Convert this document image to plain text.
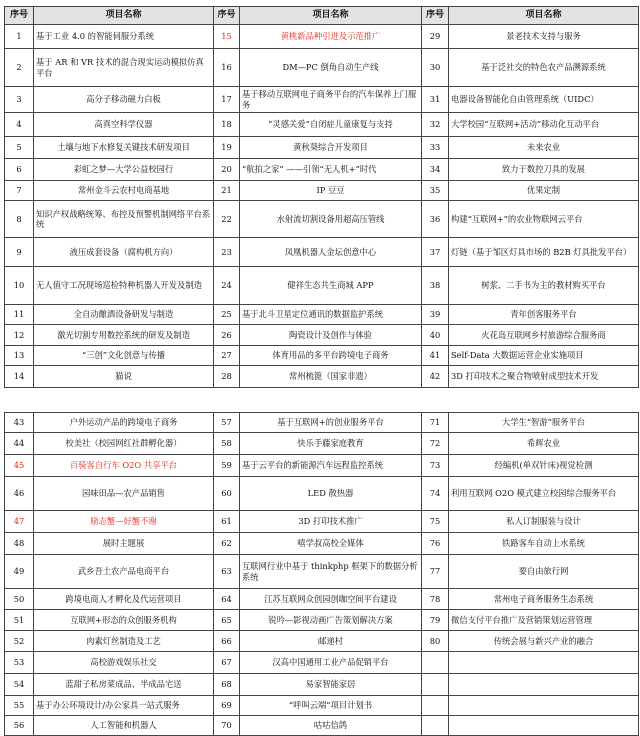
序号	项目名称	序号	项目名称	序号	项目名称
1	基于工业 4.0 的智能伺服分系统	15	黄桃新品种引进及示范推广	29	景老技术支持与服务
2	基于 AR 和 VR 技术的混合现实运动模拟仿真平台	16	DM—PC 倒角自动生产线	30	基于泛社交的特色农产品溯源系统
3	高分子移动磁力白板	17	基于移动互联网电子商务平台的汽车保养上门服务	31	电器设备智能化自由管理系统（UIDC）
4	高真空科学仪器	18	“灵感关爱”自闭症儿童康复与支持	32	大学校园“互联网+活动”移动化互动平台
5	土壤与地下水修复关键技术研发项目	19	黄秋葵综合开发项目	33	未来农业
6	彩虹之梦—大学公益校园行	20	“航拍之家” ——引领“无人机+”时代	34	致力于数控刀具的发展
7	常州金斗云农村电商基地	21	IP 豆豆	35	优果定制
8	知识产权战略统筹、布控及预警机制网络平台系统	22	水射流切割设备用超高压管线	36	构建“互联网+”的农业物联网云平台
9	液压成套设备（腐构机方向）	23	凤凰机器人金坛创意中心	37	灯链（基于邹区灯具市场的 B2B 灯具批发平台）
10	无人值守工况现场巡检特种机器人开发及制造	24	健祥生态共生商城 APP	38	树浆、二手书为主的教材购买平台
11	全自动酿酒设备研发与制造	25	基于北斗卫星定位通讯的数据监护系统	39	青年创客服务平台
12	激光切割专用数控系统的研发及制造	26	陶瓷设计及创作与体验	40	火花岛互联网乡村旅游综合服务商
13	“三创”文化创意与传播	27	体育用品的多平台跨境电子商务	41	Self-Data 大数据运营企业实施项目
14	猫说	28	常州梳篦（国家非遗）	42	3D 打印技术之聚合物喷射成型技术开发
43	户外运动产品的跨境电子商务	57	基于互联网+的创业服务平台	71	大学生“智游”服务平台
44	校美社（校园网红社群孵化器）	58	快乐手藤家庭教育	72	希辉农业
45	百骑客自行车 O2O 共享平台	59	基于云平台的新能源汽车远程监控系统	73	经编机(单双针床)视觉检测
46	园味田品—农产品销售	60	LED 散热器	74	利用互联网 O2O 模式建立校园综合服务平台
47	励志蟹—好蟹不谢	61	3D 打印技术推广	75	私人订制服装与设计
48	展时主题展	62	嘻学叔高校全媒体	76	铁路客车自动上水系统
49	武乡吾土农产品电商平台	63	互联网行业中基于 thinkphp 框架下的数据分析系统	77	要自由旅行网
50	跨境电商人才孵化及代运营项目	64	江苏互联网众创园创咖空间平台建设	78	常州电子商务服务生态系统
51	互联网+形态的众创服务机构	65	锐吟—影视动画广告策划解决方案	79	微信支付平台推广及营销策划运营管理
52	肉素灯丝制造及工艺	66	邮递村	80	传统会展与新兴产业的融合
53	高校游戏娱乐社交	67	汉高中国通用工业产品促销平台		
54	蓝甜子私房菜成品、半成品宅送	68	易家智能家居		
55	基于办公环境设计/办公家具一站式服务	69	“呼叫云端”项目计划书		
56	人工智能和机器人	70	咕咕信鸽		
